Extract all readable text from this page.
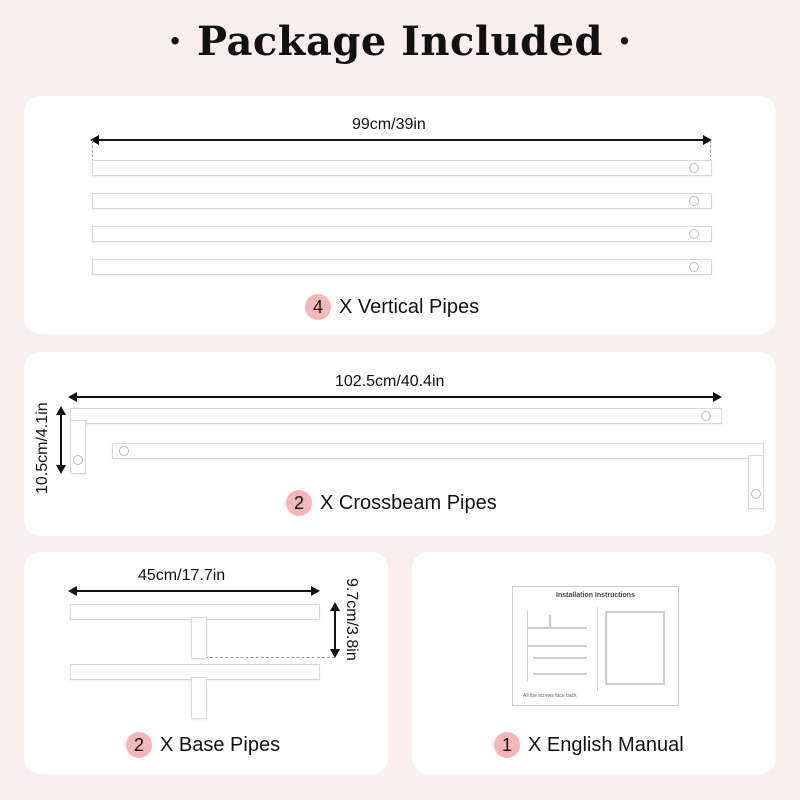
· Package Included ·
99cm/39in
4 X Vertical Pipes
102.5cm/40.4in
10.5cm/4.1in
2 X Crossbeam Pipes
45cm/17.7in
9.7cm/3.8in
2 X Base Pipes
Installation Instructions
All the screws face back
1 X English Manual
